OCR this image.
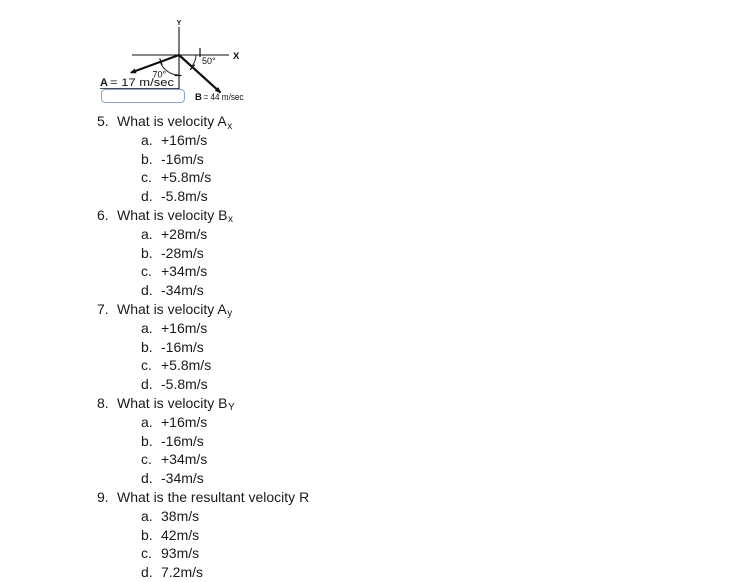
Y
X
70°
50°
A = 17 m/sec
B = 44 m/sec
5. What is velocity $A_x$
a. +16m/s
b. -16m/s
c. +5.8m/s
d. -5.8m/s
6. What is velocity $B_x$
a. +28m/s
b. -28m/s
c. +34m/s
d. -34m/s
7. What is velocity $A_y$
a. +16m/s
b. -16m/s
c. +5.8m/s
d. -5.8m/s
8. What is velocity $B_Y$
a. +16m/s
b. -16m/s
c. +34m/s
d. -34m/s
9. What is the resultant velocity R
a. 38m/s
b. 42m/s
c. 93m/s
d. 7.2m/s
